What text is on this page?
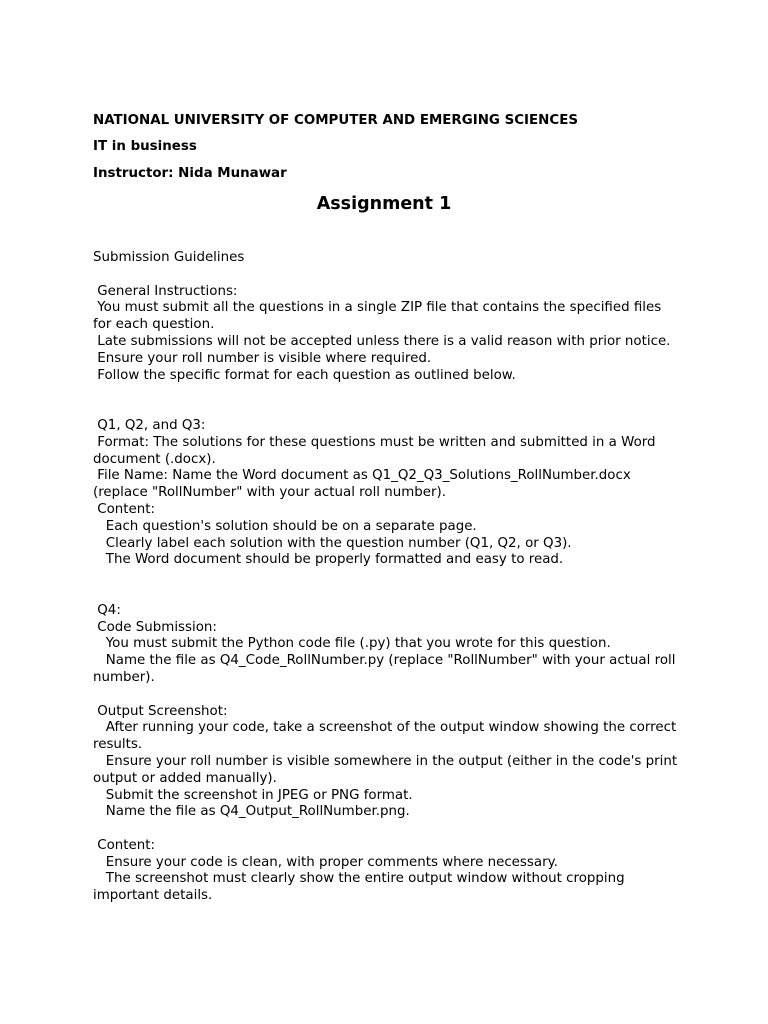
NATIONAL UNIVERSITY OF COMPUTER AND EMERGING SCIENCES
IT in business
Instructor: Nida Munawar
Assignment 1
Submission Guidelines
General Instructions:
You must submit all the questions in a single ZIP file that contains the specified files for each question.
Late submissions will not be accepted unless there is a valid reason with prior notice.
Ensure your roll number is visible where required.
Follow the specific format for each question as outlined below.
Q1, Q2, and Q3:
Format: The solutions for these questions must be written and submitted in a Word document (.docx).
File Name: Name the Word document as Q1_Q2_Q3_Solutions_RollNumber.docx (replace "RollNumber" with your actual roll number).
Content:
Each question's solution should be on a separate page.
Clearly label each solution with the question number (Q1, Q2, or Q3).
The Word document should be properly formatted and easy to read.
Q4:
Code Submission:
You must submit the Python code file (.py) that you wrote for this question.
Name the file as Q4_Code_RollNumber.py (replace "RollNumber" with your actual roll number).
Output Screenshot:
After running your code, take a screenshot of the output window showing the correct results.
Ensure your roll number is visible somewhere in the output (either in the code's print output or added manually).
Submit the screenshot in JPEG or PNG format.
Name the file as Q4_Output_RollNumber.png.
Content:
Ensure your code is clean, with proper comments where necessary.
The screenshot must clearly show the entire output window without cropping important details.
